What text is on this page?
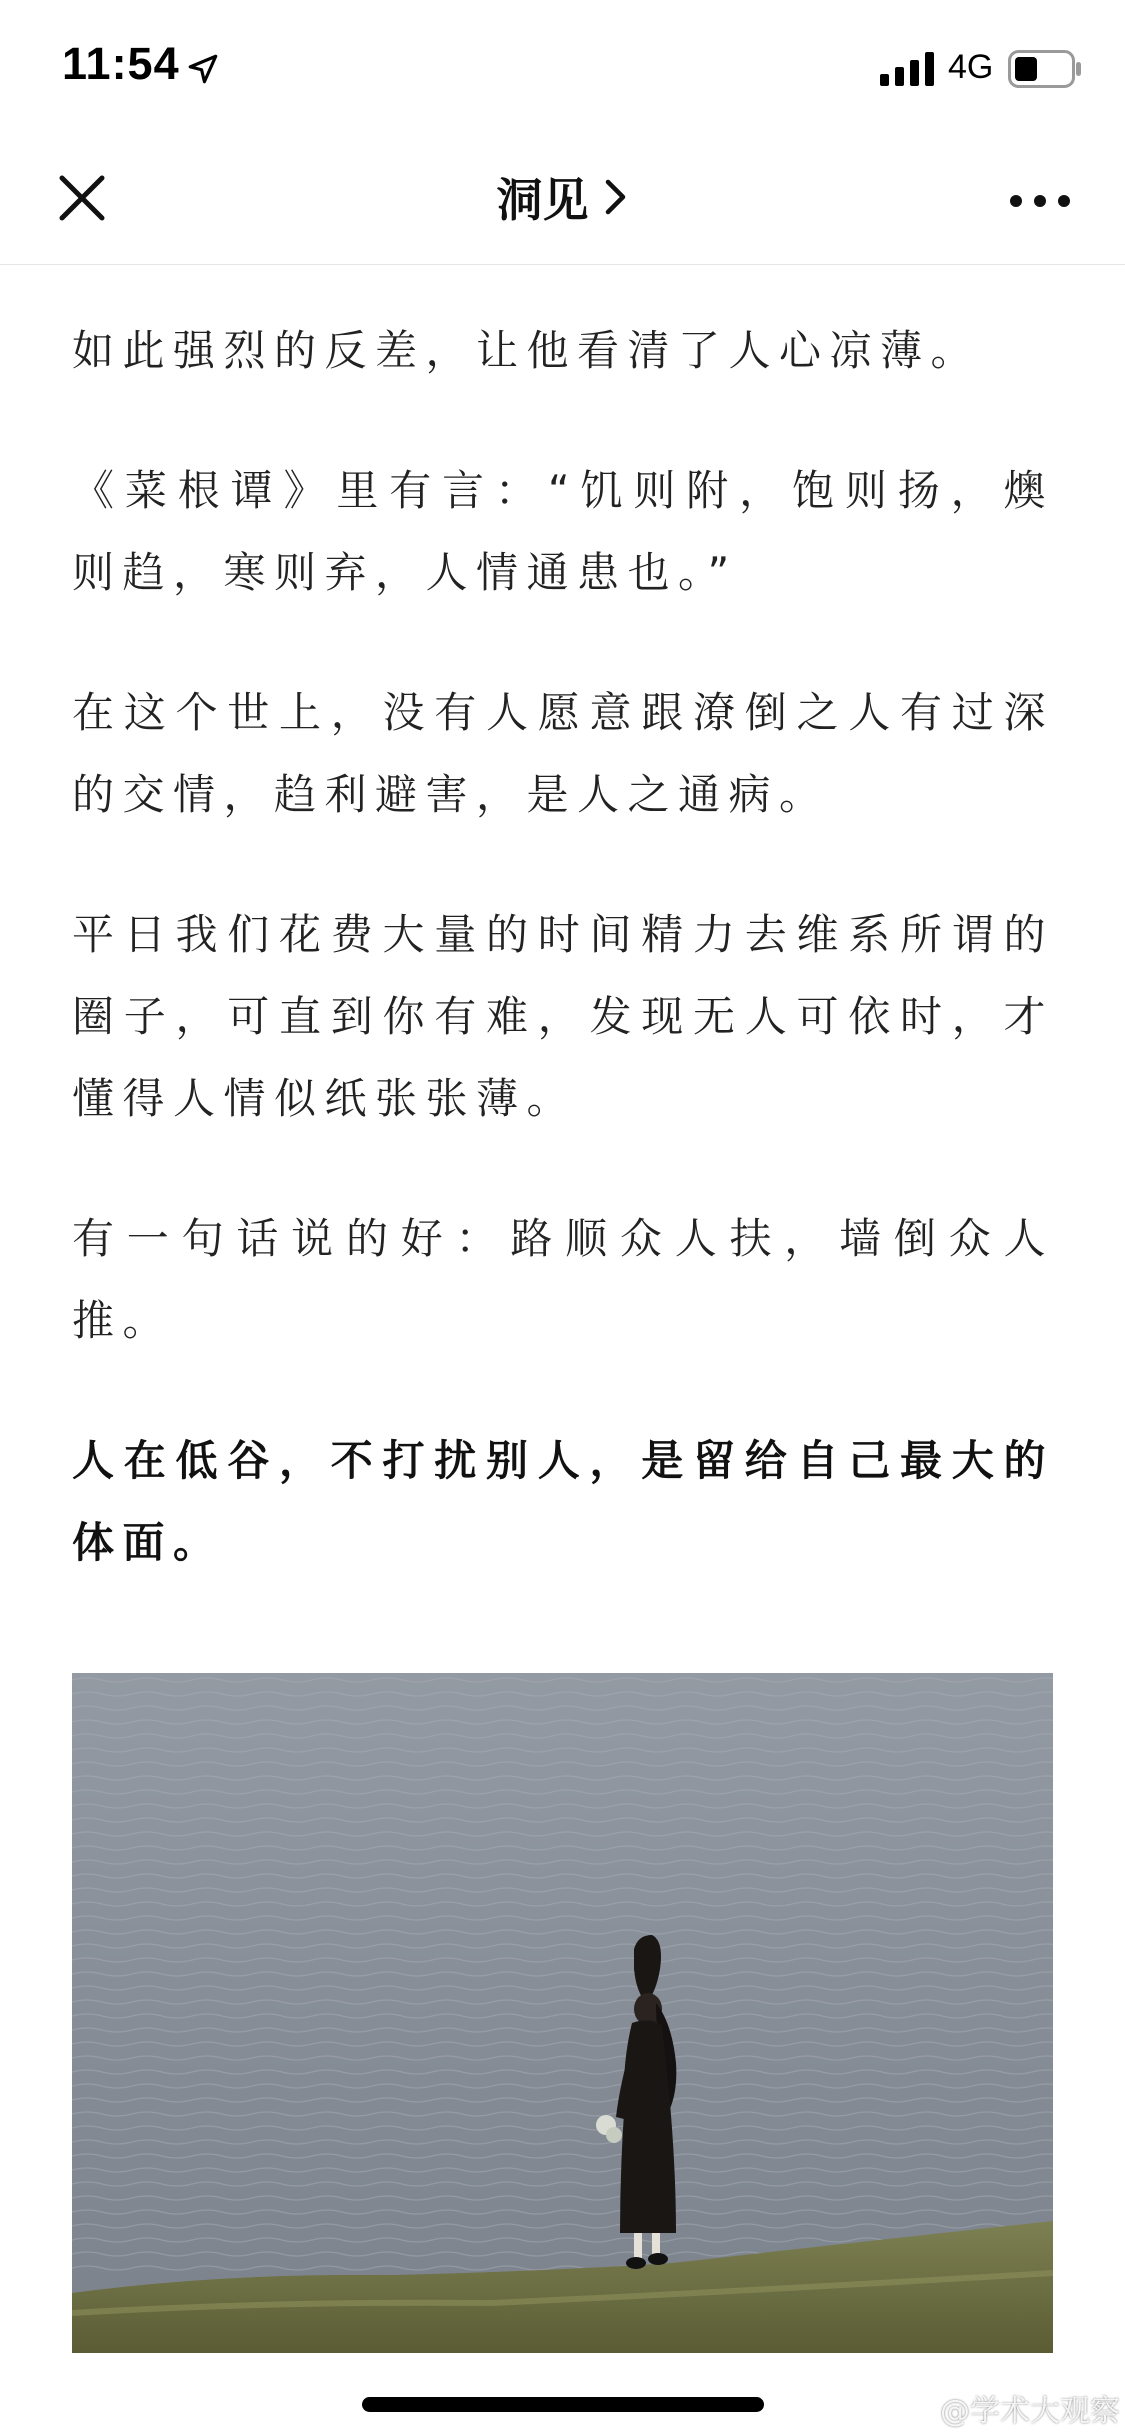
11:54	4G
洞见

如此强烈的反差，让他看清了人心凉薄。

《菜根谭》里有言：“饥则附，饱则扬，燠则趋，寒则弃，人情通患也。”

在这个世上，没有人愿意跟潦倒之人有过深的交情，趋利避害，是人之通病。

平日我们花费大量的时间精力去维系所谓的圈子，可直到你有难，发现无人可依时，才懂得人情似纸张张薄。

有一句话说的好：路顺众人扶，墙倒众人推。

人在低谷，不打扰别人，是留给自己最大的体面。

@学术大观察
